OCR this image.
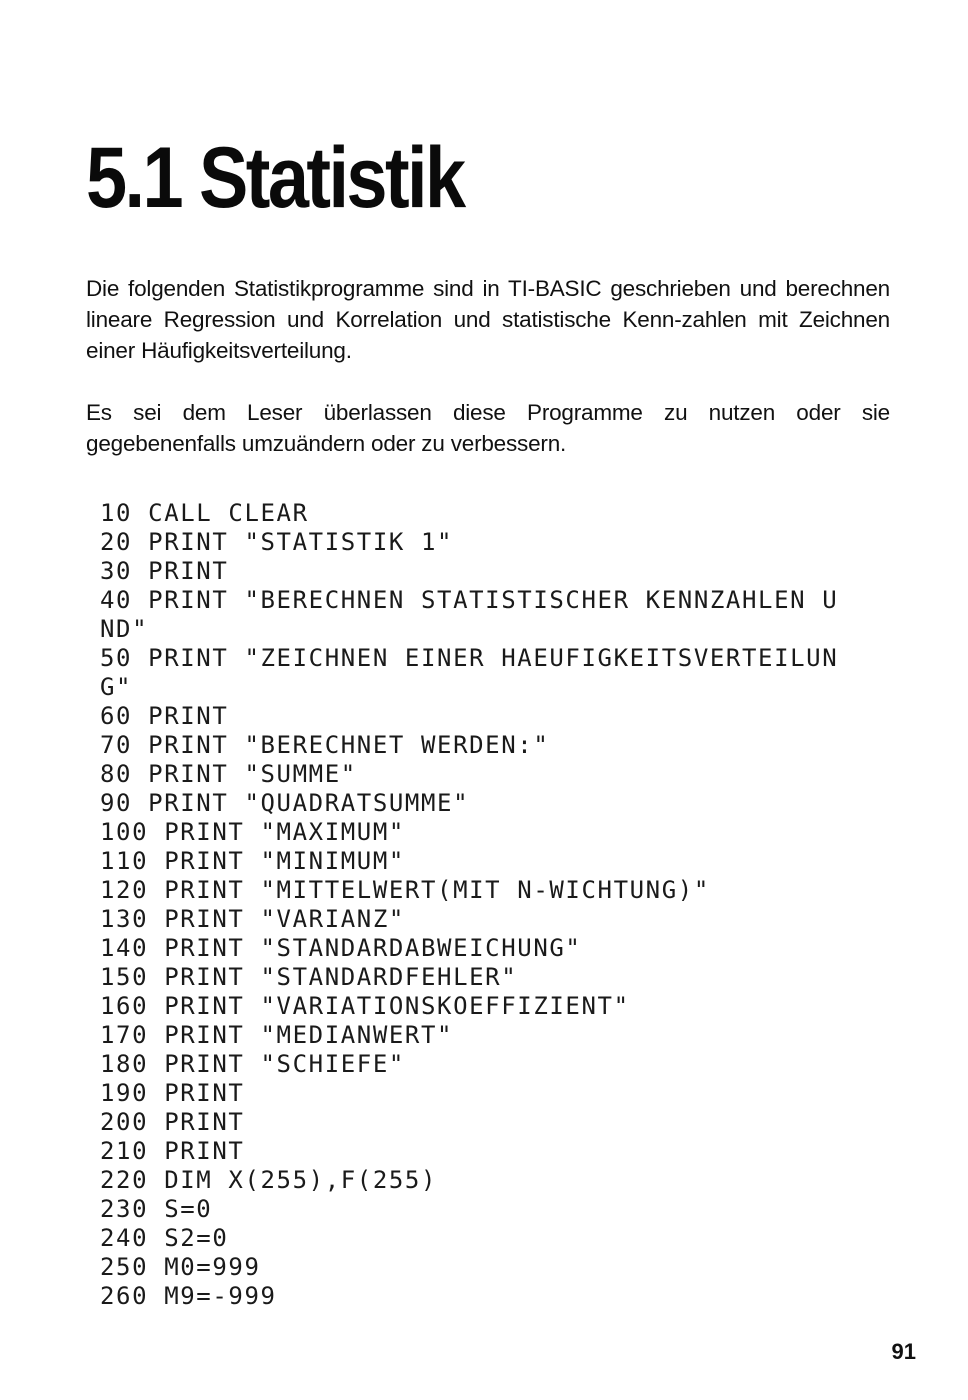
5.1 Statistik

Die folgenden Statistikprogramme sind in TI-BASIC geschrieben und berechnen lineare Regression und Korrelation und statistische Kenn-zahlen mit Zeichnen einer Häufigkeitsverteilung.

Es sei dem Leser überlassen diese Programme zu nutzen oder sie gegebenenfalls umzuändern oder zu verbessern.

10 CALL CLEAR
20 PRINT "STATISTIK 1"
30 PRINT
40 PRINT "BERECHNEN STATISTISCHER KENNZAHLEN U
ND"
50 PRINT "ZEICHNEN EINER HAEUFIGKEITSVERTEILUN
G"
60 PRINT
70 PRINT "BERECHNET WERDEN:"
80 PRINT "SUMME"
90 PRINT "QUADRATSUMME"
100 PRINT "MAXIMUM"
110 PRINT "MINIMUM"
120 PRINT "MITTELWERT(MIT N-WICHTUNG)"
130 PRINT "VARIANZ"
140 PRINT "STANDARDABWEICHUNG"
150 PRINT "STANDARDFEHLER"
160 PRINT "VARIATIONSKOEFFIZIENT"
170 PRINT "MEDIANWERT"
180 PRINT "SCHIEFE"
190 PRINT
200 PRINT
210 PRINT
220 DIM X(255),F(255)
230 S=0
240 S2=0
250 M0=999
260 M9=-999
91
